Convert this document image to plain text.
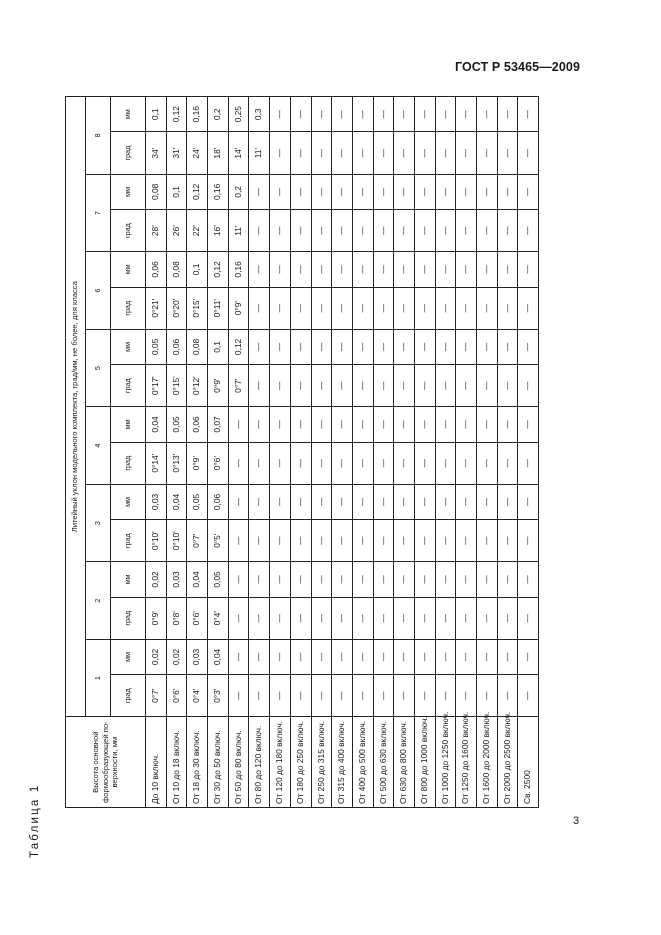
ГОСТ Р 53465—2009
Таблица 1
Высота основной формообразующей поверхности, мм	Литейный уклон модельного комплекта, град/мм, не более, для класса															
	1		2		3		4		5		6		7		8	
	град	мм	град	мм	град	мм	град	мм	град	мм	град	мм	град	мм	град	мм
До 10 включ.	0°7'	0,02	0°9'	0,02	0°10'	0,03	0°14'	0,04	0°17'	0,05	0°21'	0,06	28'	0,08	34'	0,1
От 10 до 18 включ.	0°6'	0,02	0°8'	0,03	0°10'	0,04	0°13'	0,05	0°15'	0,06	0°20'	0,08	26'	0,1	31'	0,12
От 18 до 30 включ.	0°4'	0,03	0°6'	0,04	0°7'	0,05	0°9'	0,06	0°12'	0,08	0°15'	0,1	22'	0,12	24'	0,16
От 30 до 50 включ.	0°3'	0,04	0°4'	0,05	0°5'	0,06	0°6'	0,07	0°9'	0,1	0°11'	0,12	16'	0,16	18'	0,2
От 50 до 80 включ.	—	—	—	—	—	—	—	—	0°7'	0,12	0°9'	0,16	11'	0,2	14'	0,25
От 80 до 120 включ.	—	—	—	—	—	—	—	—	—	—	—	—	—	—	11'	0,3
От 120 до 180 включ.	—	—	—	—	—	—	—	—	—	—	—	—	—	—	—	—
От 180 до 250 включ.	—	—	—	—	—	—	—	—	—	—	—	—	—	—	—	—
От 250 до 315 включ.	—	—	—	—	—	—	—	—	—	—	—	—	—	—	—	—
От 315 до 400 включ.	—	—	—	—	—	—	—	—	—	—	—	—	—	—	—	—
От 400 до 500 включ.	—	—	—	—	—	—	—	—	—	—	—	—	—	—	—	—
От 500 до 630 включ.	—	—	—	—	—	—	—	—	—	—	—	—	—	—	—	—
От 630 до 800 включ.	—	—	—	—	—	—	—	—	—	—	—	—	—	—	—	—
От 800 до 1000 включ.	—	—	—	—	—	—	—	—	—	—	—	—	—	—	—	—
От 1000 до 1250 включ.	—	—	—	—	—	—	—	—	—	—	—	—	—	—	—	—
От 1250 до 1600 включ.	—	—	—	—	—	—	—	—	—	—	—	—	—	—	—	—
От 1600 до 2000 включ.	—	—	—	—	—	—	—	—	—	—	—	—	—	—	—	—
От 2000 до 2500 включ.	—	—	—	—	—	—	—	—	—	—	—	—	—	—	—	—
Св. 2500	—	—	—	—	—	—	—	—	—	—	—	—	—	—	—	—
3
